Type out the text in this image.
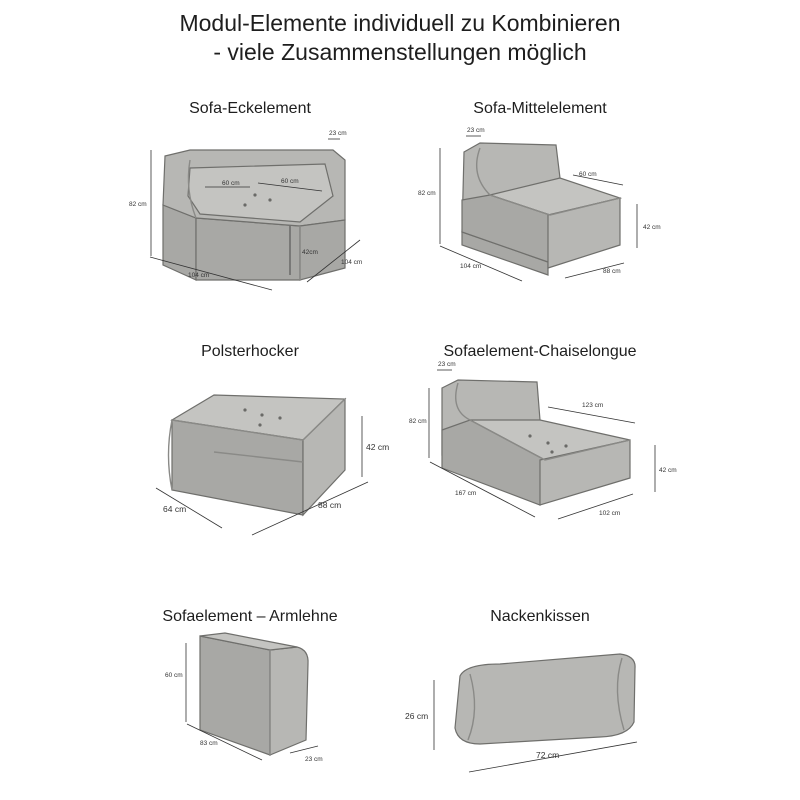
Modul-Elemente individuell zu Kombinieren
- viele Zusammenstellungen möglich
Sofa-Eckelement	Sofa-Mittelelement
Polsterhocker	Sofaelement-Chaiselongue
Sofaelement – Armlehne	Nackenkissen
23 cm
82 cm
60 cm	60 cm
42cm
104 cm
104 cm
23 cm
82 cm
60 cm
42 cm
104 cm
88 cm
42 cm
64 cm	88 cm
23 cm
82 cm
123 cm
42 cm
167 cm
102 cm
60 cm
83 cm
23 cm
26 cm
72 cm
